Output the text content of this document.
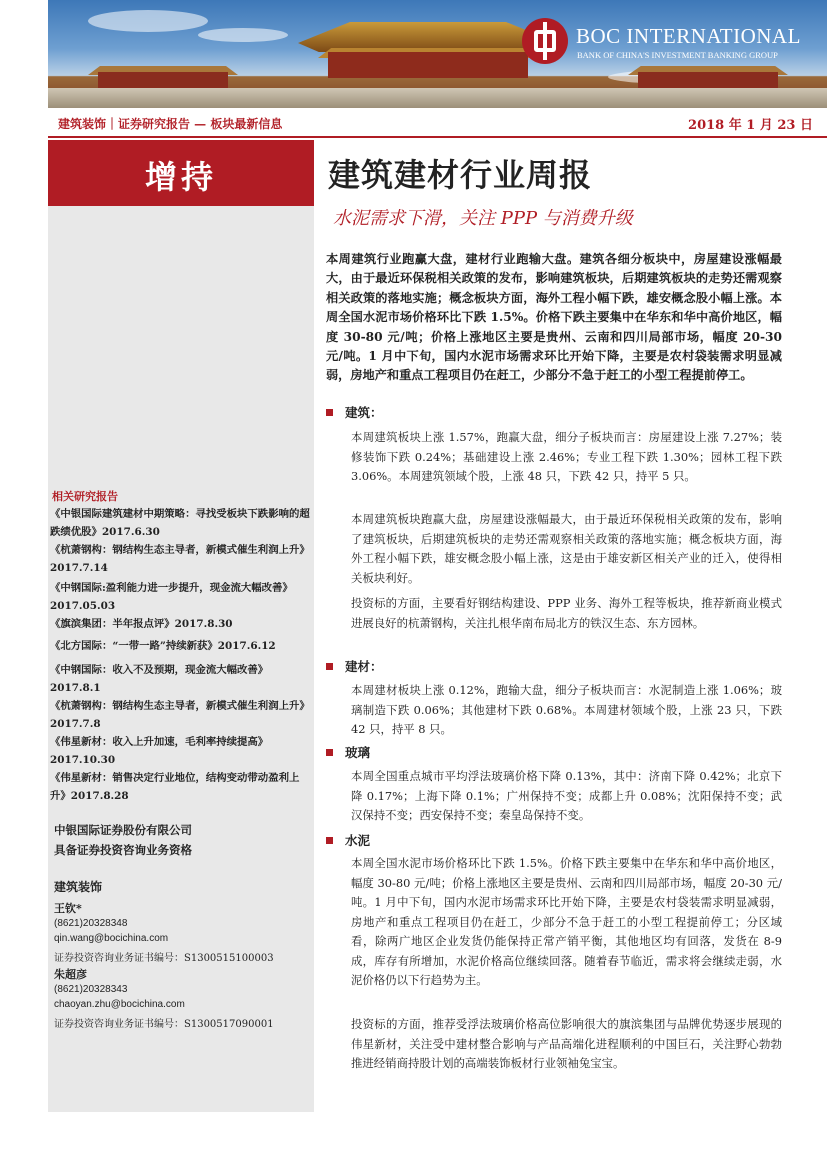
BOC INTERNATIONAL
BANK OF CHINA'S INVESTMENT BANKING GROUP
建筑装饰｜证券研究报告 — 板块最新信息	2018 年 1 月 23 日
增持
相关研究报告
《中银国际建筑建材中期策略：寻找受板块下跌影响的超跌绩优股》2017.6.30
《杭萧钢构：钢结构生态主导者，新模式催生利润上升》2017.7.14
《中钢国际:盈利能力进一步提升，现金流大幅改善》2017.05.03
《旗滨集团：半年报点评》2017.8.30
《北方国际：“一带一路”持续新获》2017.6.12
《中钢国际：收入不及预期，现金流大幅改善》2017.8.1
《杭萧钢构：钢结构生态主导者，新模式催生利润上升》2017.7.8
《伟星新材：收入上升加速，毛利率持续提高》2017.10.30
《伟星新材：销售决定行业地位，结构变动带动盈利上升》2017.8.28
中银国际证券股份有限公司
具备证券投资咨询业务资格
建筑装饰
王钦*
(8621)20328348
qin.wang@bocichina.com
证券投资咨询业务证书编号：S1300515100003
朱超彦
(8621)20328343
chaoyan.zhu@bocichina.com
证券投资咨询业务证书编号：S1300517090001
建筑建材行业周报
水泥需求下滑，关注 PPP 与消费升级
本周建筑行业跑赢大盘，建材行业跑输大盘。建筑各细分板块中，房屋建设涨幅最大，由于最近环保税相关政策的发布，影响建筑板块，后期建筑板块的走势还需观察相关政策的落地实施；概念板块方面，海外工程小幅下跌，雄安概念股小幅上涨。本周全国水泥市场价格环比下跌 1.5%。价格下跌主要集中在华东和华中高价地区，幅度 30-80 元/吨；价格上涨地区主要是贵州、云南和四川局部市场，幅度 20-30 元/吨。1 月中下旬，国内水泥市场需求环比开始下降，主要是农村袋装需求明显减弱，房地产和重点工程项目仍在赶工，少部分不急于赶工的小型工程提前停工。
建筑：
本周建筑板块上涨 1.57%，跑赢大盘，细分子板块而言：房屋建设上涨 7.27%；装修装饰下跌 0.24%；基础建设上涨 2.46%；专业工程下跌 1.30%；园林工程下跌 3.06%。本周建筑领域个股，上涨 48 只，下跌 42 只，持平 5 只。
本周建筑板块跑赢大盘，房屋建设涨幅最大，由于最近环保税相关政策的发布，影响了建筑板块，后期建筑板块的走势还需观察相关政策的落地实施；概念板块方面，海外工程小幅下跌，雄安概念股小幅上涨，这是由于雄安新区相关产业的迁入，使得相关板块利好。
投资标的方面，主要看好钢结构建设、PPP 业务、海外工程等板块，推荐新商业模式进展良好的杭萧钢构，关注扎根华南布局北方的铁汉生态、东方园林。
建材：
本周建材板块上涨 0.12%，跑输大盘，细分子板块而言：水泥制造上涨 1.06%；玻璃制造下跌 0.06%；其他建材下跌 0.68%。本周建材领域个股，上涨 23 只，下跌 42 只，持平 8 只。
玻璃
本周全国重点城市平均浮法玻璃价格下降 0.13%，其中：济南下降 0.42%；北京下降 0.17%；上海下降 0.1%；广州保持不变；成都上升 0.08%；沈阳保持不变；武汉保持不变；西安保持不变；秦皇岛保持不变。
水泥
本周全国水泥市场价格环比下跌 1.5%。价格下跌主要集中在华东和华中高价地区，幅度 30-80 元/吨；价格上涨地区主要是贵州、云南和四川局部市场，幅度 20-30 元/吨。1 月中下旬，国内水泥市场需求环比开始下降，主要是农村袋装需求明显减弱，房地产和重点工程项目仍在赶工，少部分不急于赶工的小型工程提前停工；分区域看，除两广地区企业发货仍能保持正常产销平衡，其他地区均有回落，发货在 8-9 成，库存有所增加，水泥价格高位继续回落。随着春节临近，需求将会继续走弱，水泥价格仍以下行趋势为主。
投资标的方面，推荐受浮法玻璃价格高位影响很大的旗滨集团与品牌优势逐步展现的伟星新材，关注受中建材整合影响与产品高端化进程顺利的中国巨石，关注野心勃勃推进经销商持股计划的高端装饰板材行业领袖兔宝宝。
